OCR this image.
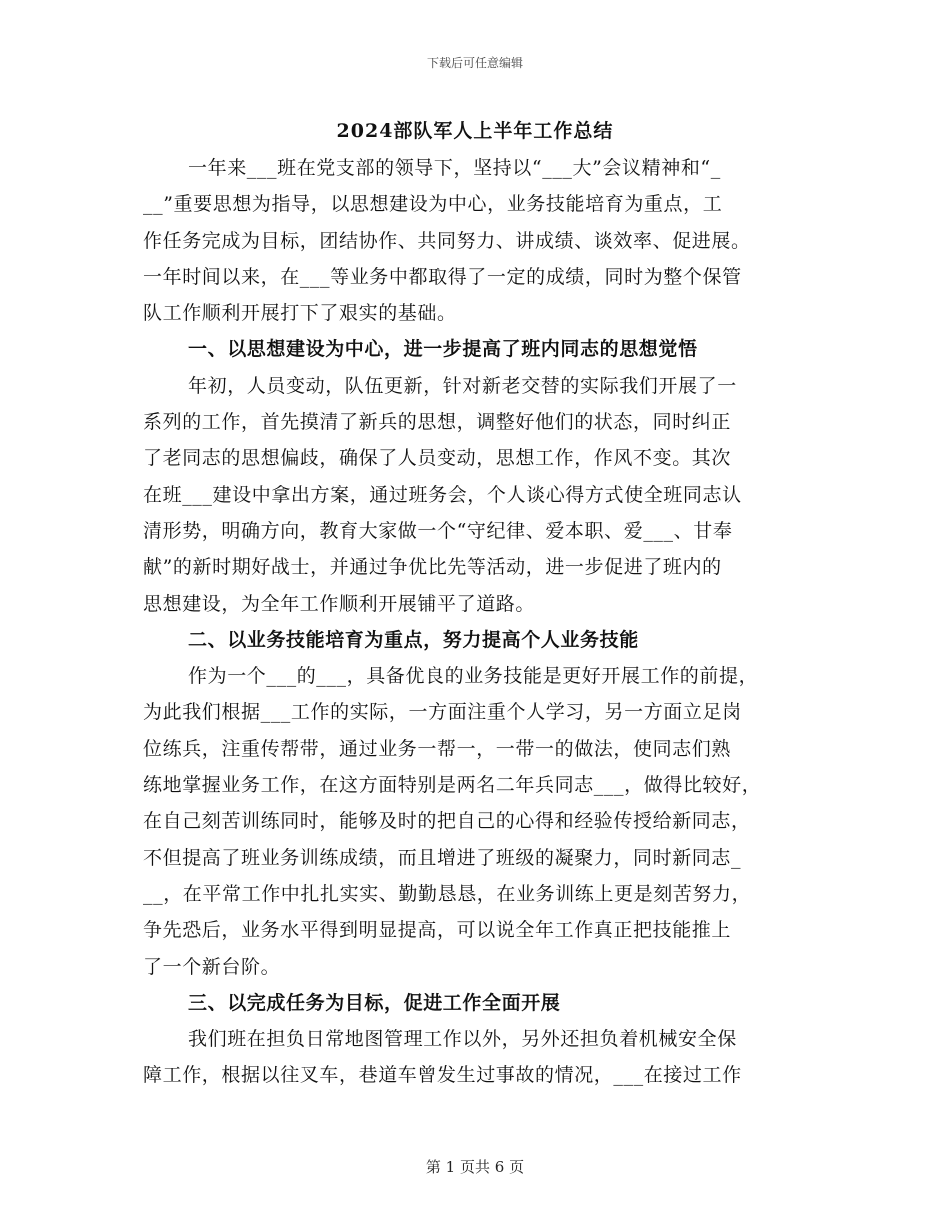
下载后可任意编辑
2024部队军人上半年工作总结
一年来___班在党支部的领导下，坚持以“___大”会议精神和“_
__”重要思想为指导，以思想建设为中心，业务技能培育为重点，工
作任务完成为目标，团结协作、共同努力、讲成绩、谈效率、促进展。
一年时间以来，在___等业务中都取得了一定的成绩，同时为整个保管
队工作顺利开展打下了艰实的基础。
一、以思想建设为中心，进一步提高了班内同志的思想觉悟
年初，人员变动，队伍更新，针对新老交替的实际我们开展了一
系列的工作，首先摸清了新兵的思想，调整好他们的状态，同时纠正
了老同志的思想偏歧，确保了人员变动，思想工作，作风不变。其次
在班___建设中拿出方案，通过班务会，个人谈心得方式使全班同志认
清形势，明确方向，教育大家做一个“守纪律、爱本职、爱___、甘奉
献”的新时期好战士，并通过争优比先等活动，进一步促进了班内的
思想建设，为全年工作顺利开展铺平了道路。
二、以业务技能培育为重点，努力提高个人业务技能
作为一个___的___，具备优良的业务技能是更好开展工作的前提，
为此我们根据___工作的实际，一方面注重个人学习，另一方面立足岗
位练兵，注重传帮带，通过业务一帮一，一带一的做法，使同志们熟
练地掌握业务工作，在这方面特别是两名二年兵同志___，做得比较好，
在自己刻苦训练同时，能够及时的把自己的心得和经验传授给新同志，
不但提高了班业务训练成绩，而且增进了班级的凝聚力，同时新同志_
__，在平常工作中扎扎实实、勤勤恳恳，在业务训练上更是刻苦努力，
争先恐后，业务水平得到明显提高，可以说全年工作真正把技能推上
了一个新台阶。
三、以完成任务为目标，促进工作全面开展
我们班在担负日常地图管理工作以外，另外还担负着机械安全保
障工作，根据以往叉车，巷道车曾发生过事故的情况，___在接过工作
第 1 页共 6 页
